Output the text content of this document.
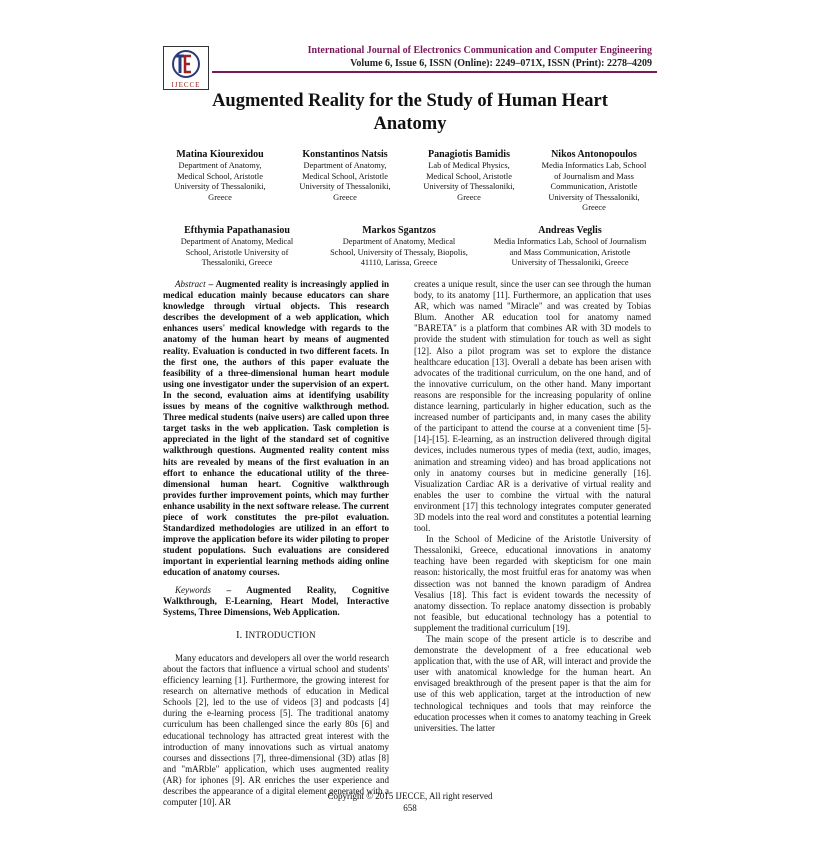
IJECCE
International Journal of Electronics Communication and Computer Engineering
Volume 6, Issue 6, ISSN (Online): 2249–071X, ISSN (Print): 2278–4209
Augmented Reality for the Study of Human Heart
Anatomy
Matina Kiourexidou
Department of Anatomy,
Medical School, Aristotle
University of Thessaloniki,
Greece
Konstantinos Natsis
Department of Anatomy,
Medical School, Aristotle
University of Thessaloniki,
Greece
Panagiotis Bamidis
Lab of Medical Physics,
Medical School, Aristotle
University of Thessaloniki,
Greece
Nikos Antonopoulos
Media Informatics Lab, School
of Journalism and Mass
Communication, Aristotle
University of Thessaloniki,
Greece
Efthymia Papathanasiou
Department of Anatomy, Medical
School, Aristotle University of
Thessaloniki, Greece
Markos Sgantzos
Department of Anatomy, Medical
School, University of Thessaly, Biopolis,
41110, Larissa, Greece
Andreas Veglis
Media Informatics Lab, School of Journalism
and Mass Communication, Aristotle
University of Thessaloniki, Greece

Abstract – Augmented reality is increasingly applied in medical education mainly because educators can share knowledge through virtual objects. This research describes the development of a web application, which enhances users' medical knowledge with regards to the anatomy of the human heart by means of augmented reality. Evaluation is conducted in two different facets. In the first one, the authors of this paper evaluate the feasibility of a three-dimensional human heart module using one investigator under the supervision of an expert. In the second, evaluation aims at identifying usability issues by means of the cognitive walkthrough method. Three medical students (naive users) are called upon three target tasks in the web application. Task completion is appreciated in the light of the standard set of cognitive walkthrough questions. Augmented reality content miss hits are revealed by means of the first evaluation in an effort to enhance the educational utility of the three-dimensional human heart. Cognitive walkthrough provides further improvement points, which may further enhance usability in the next software release. The current piece of work constitutes the pre-pilot evaluation. Standardized methodologies are utilized in an effort to improve the application before its wider piloting to proper student populations. Such evaluations are considered important in experiential learning methods aiding online education of anatomy courses.

Keywords – Augmented Reality, Cognitive Walkthrough, E-Learning, Heart Model, Interactive Systems, Three Dimensions, Web Application.

I. INTRODUCTION

Many educators and developers all over the world research about the factors that influence a virtual school and students' efficiency learning [1]. Furthermore, the growing interest for research on alternative methods of education in Medical Schools [2], led to the use of videos [3] and podcasts [4] during the e-learning process [5]. The traditional anatomy curriculum has been challenged since the early 80s [6] and educational technology has attracted great interest with the introduction of many innovations such as virtual anatomy courses and dissections [7], three-dimensional (3D) atlas [8] and "mARble" application, which uses augmented reality (AR) for iphones [9]. AR enriches the user experience and describes the appearance of a digital element generated with a computer [10]. AR

creates a unique result, since the user can see through the human body, to its anatomy [11]. Furthermore, an application that uses AR, which was named "Miracle" and was created by Tobias Blum. Another AR education tool for anatomy named "BARETA" is a platform that combines AR with 3D models to provide the student with stimulation for touch as well as sight [12]. Also a pilot program was set to explore the distance healthcare education [13]. Overall a debate has been arisen with advocates of the traditional curriculum, on the one hand, and of the innovative curriculum, on the other hand. Many important reasons are responsible for the increasing popularity of online distance learning, particularly in higher education, such as the increased number of participants and, in many cases the ability of the participant to attend the course at a convenient time [5]-[14]-[15]. E-learning, as an instruction delivered through digital devices, includes numerous types of media (text, audio, images, animation and streaming video) and has broad applications not only in anatomy courses but in medicine generally [16]. Visualization Cardiac AR is a derivative of virtual reality and enables the user to combine the virtual with the natural environment [17] this technology integrates computer generated 3D models into the real word and constitutes a potential learning tool.

In the School of Medicine of the Aristotle University of Thessaloniki, Greece, educational innovations in anatomy teaching have been regarded with skepticism for one main reason: historically, the most fruitful eras for anatomy was when dissection was not banned the known paradigm of Andrea Vesalius [18]. This fact is evident towards the necessity of anatomy dissection. To replace anatomy dissection is probably not feasible, but educational technology has a potential to supplement the traditional curriculum [19].

The main scope of the present article is to describe and demonstrate the development of a free educational web application that, with the use of AR, will interact and provide the user with anatomical knowledge for the human heart. An envisaged breakthrough of the present paper is that the aim for use of this web application, target at the introduction of new technological techniques and tools that may reinforce the education processes when it comes to anatomy teaching in Greek universities. The latter

Copyright © 2015 IJECCE, All right reserved
658
